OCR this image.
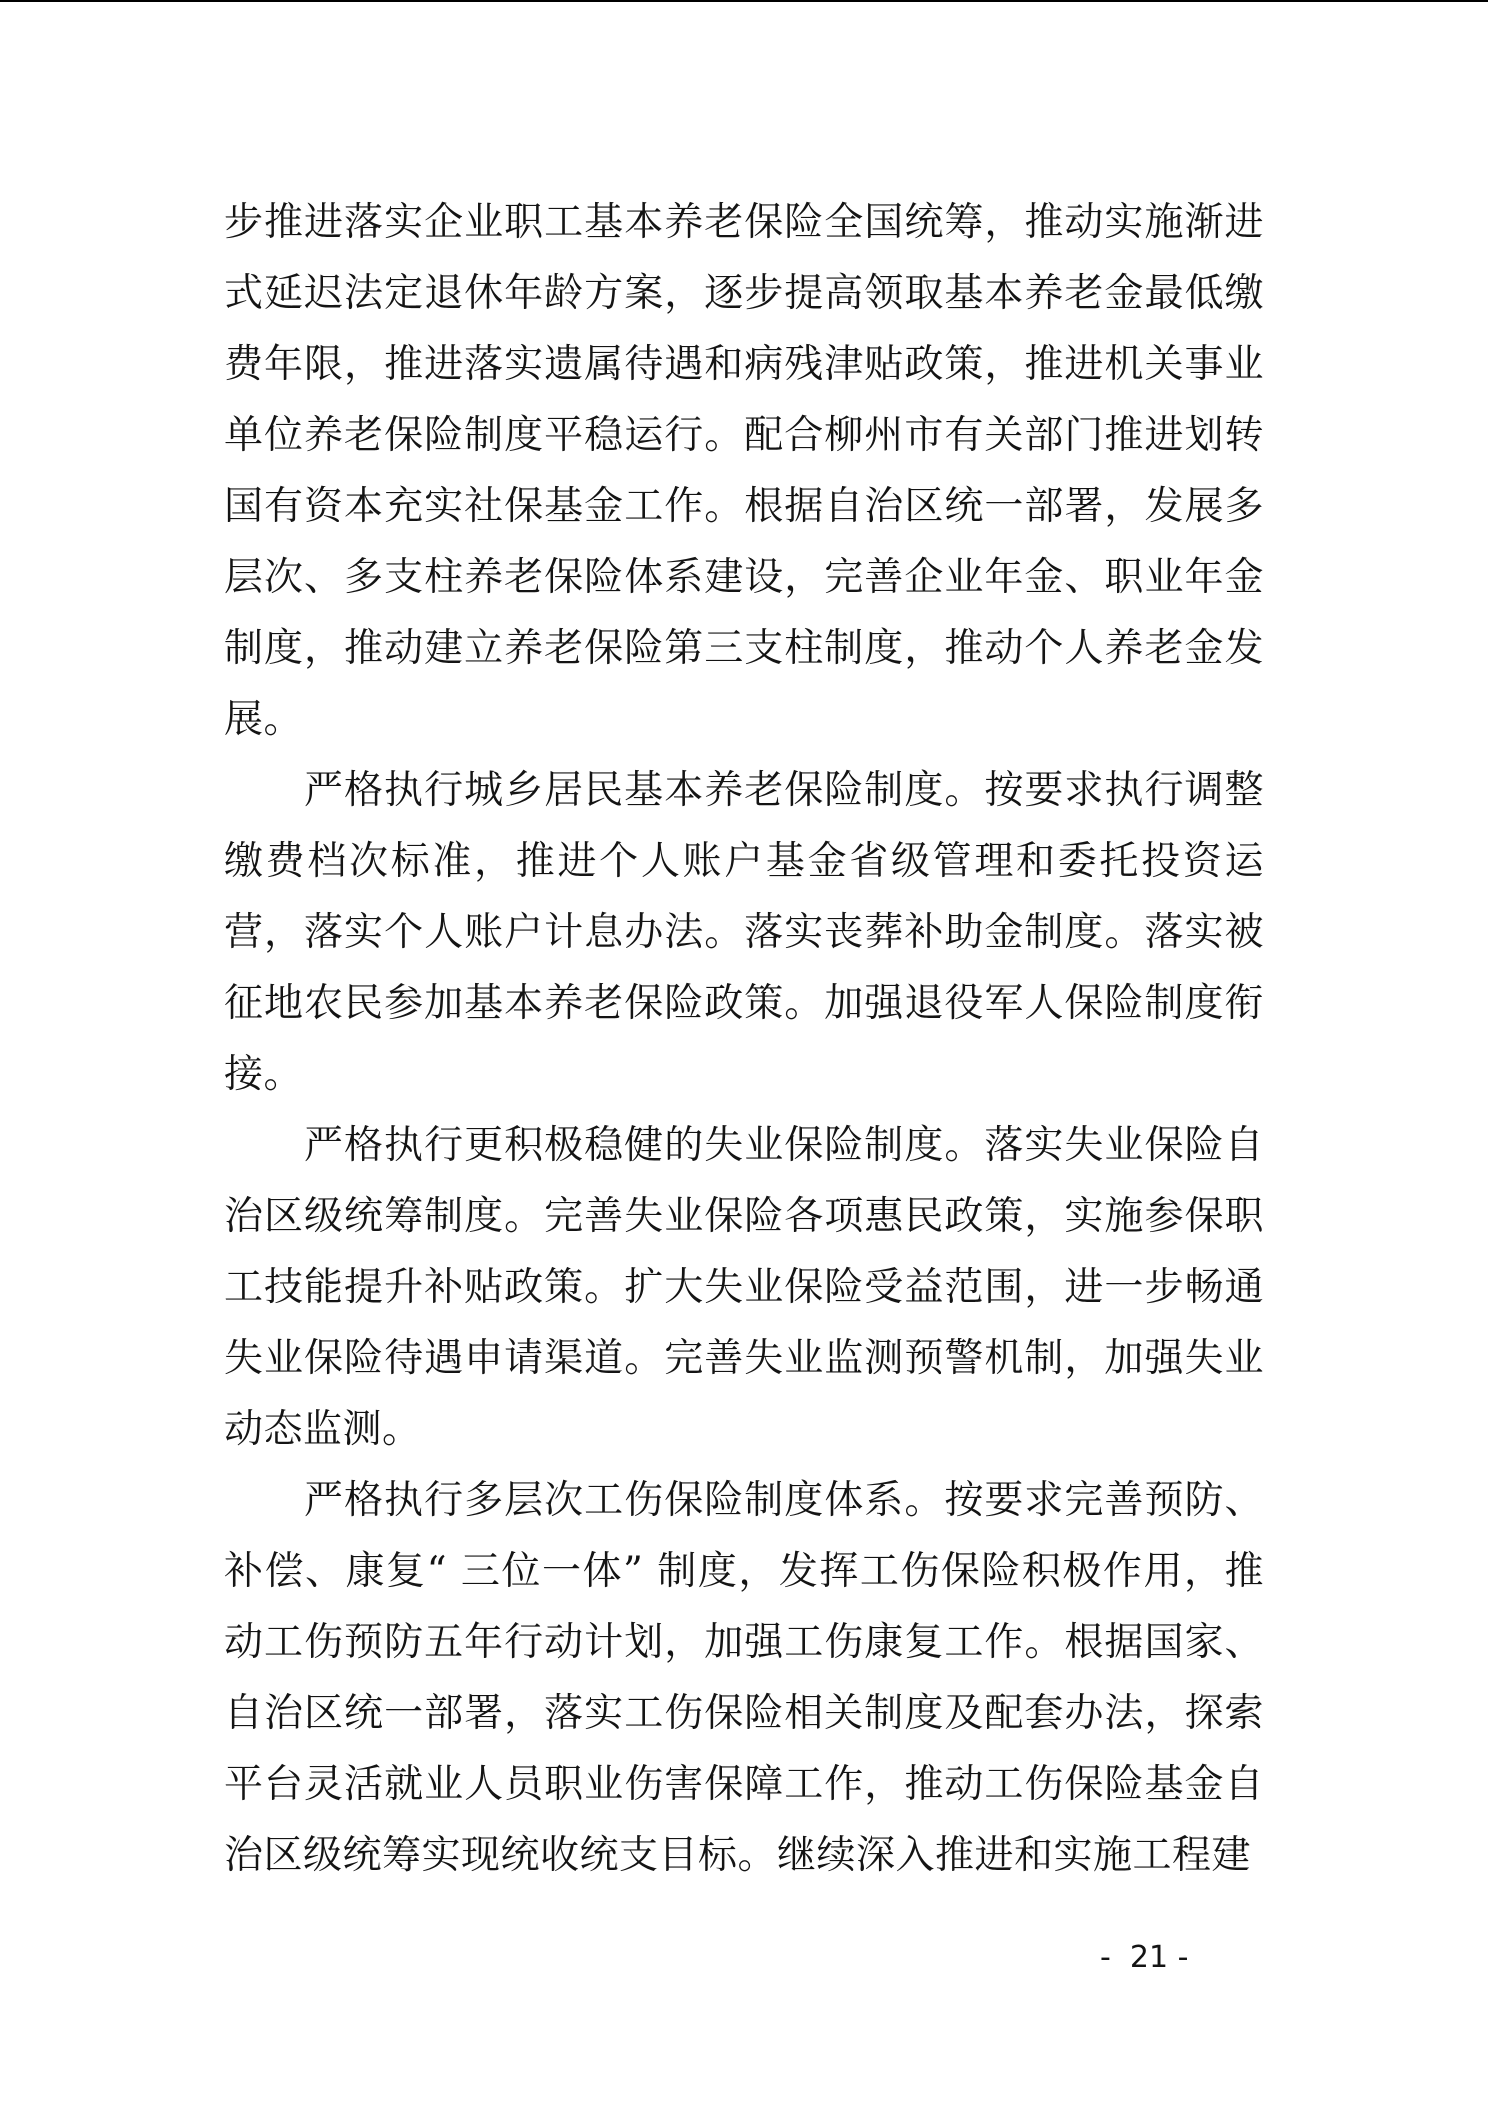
步推进落实企业职工基本养老保险全国统筹，推动实施渐进式延迟法定退休年龄方案，逐步提高领取基本养老金最低缴费年限，推进落实遗属待遇和病残津贴政策，推进机关事业单位养老保险制度平稳运行。配合柳州市有关部门推进划转国有资本充实社保基金工作。根据自治区统一部署，发展多层次、多支柱养老保险体系建设，完善企业年金、职业年金制度，推动建立养老保险第三支柱制度，推动个人养老金发展。

严格执行城乡居民基本养老保险制度。按要求执行调整缴费档次标准，推进个人账户基金省级管理和委托投资运营，落实个人账户计息办法。落实丧葬补助金制度。落实被征地农民参加基本养老保险政策。加强退役军人保险制度衔接。

严格执行更积极稳健的失业保险制度。落实失业保险自治区级统筹制度。完善失业保险各项惠民政策，实施参保职工技能提升补贴政策。扩大失业保险受益范围，进一步畅通失业保险待遇申请渠道。完善失业监测预警机制，加强失业动态监测。

严格执行多层次工伤保险制度体系。按要求完善预防、补偿、康复“ 三位一体” 制度，发挥工伤保险积极作用，推动工伤预防五年行动计划，加强工伤康复工作。根据国家、自治区统一部署，落实工伤保险相关制度及配套办法，探索平台灵活就业人员职业伤害保障工作，推动工伤保险基金自治区级统筹实现统收统支目标。继续深入推进和实施工程建

-  21 -
